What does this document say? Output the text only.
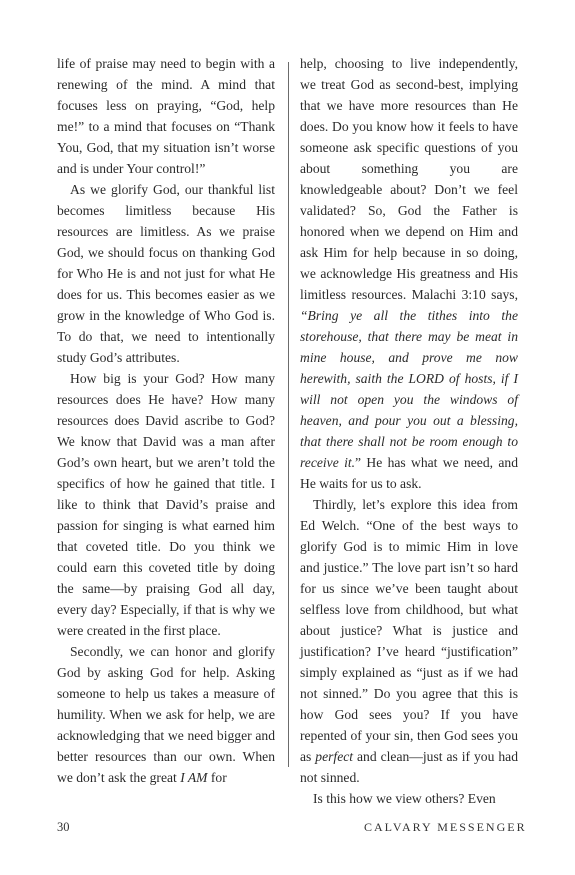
life of praise may need to begin with a renewing of the mind. A mind that focuses less on praying, “God, help me!” to a mind that focuses on “Thank You, God, that my situation isn’t worse and is under Your control!”

As we glorify God, our thankful list becomes limitless because His resources are limitless. As we praise God, we should focus on thanking God for Who He is and not just for what He does for us. This becomes easier as we grow in the knowledge of Who God is. To do that, we need to intentionally study God’s attributes.

How big is your God? How many resources does He have? How many resources does David ascribe to God? We know that David was a man after God’s own heart, but we aren’t told the specifics of how he gained that title. I like to think that David’s praise and passion for singing is what earned him that coveted title. Do you think we could earn this coveted title by doing the same—by praising God all day, every day? Especially, if that is why we were created in the first place.

Secondly, we can honor and glorify God by asking God for help. Asking someone to help us takes a measure of humility. When we ask for help, we are acknowledging that we need bigger and better resources than our own. When we don’t ask the great I AM for

help, choosing to live independently, we treat God as second-best, implying that we have more resources than He does. Do you know how it feels to have someone ask specific questions of you about something you are knowledgeable about? Don’t we feel validated? So, God the Father is honored when we depend on Him and ask Him for help because in so doing, we acknowledge His greatness and His limitless resources. Malachi 3:10 says, “Bring ye all the tithes into the storehouse, that there may be meat in mine house, and prove me now herewith, saith the LORD of hosts, if I will not open you the windows of heaven, and pour you out a blessing, that there shall not be room enough to receive it.” He has what we need, and He waits for us to ask.

Thirdly, let’s explore this idea from Ed Welch. “One of the best ways to glorify God is to mimic Him in love and justice.” The love part isn’t so hard for us since we’ve been taught about selfless love from childhood, but what about justice? What is justice and justification? I’ve heard “justification” simply explained as “just as if we had not sinned.” Do you agree that this is how God sees you? If you have repented of your sin, then God sees you as perfect and clean—just as if you had not sinned.

Is this how we view others? Even

30	CALVARY MESSENGER
